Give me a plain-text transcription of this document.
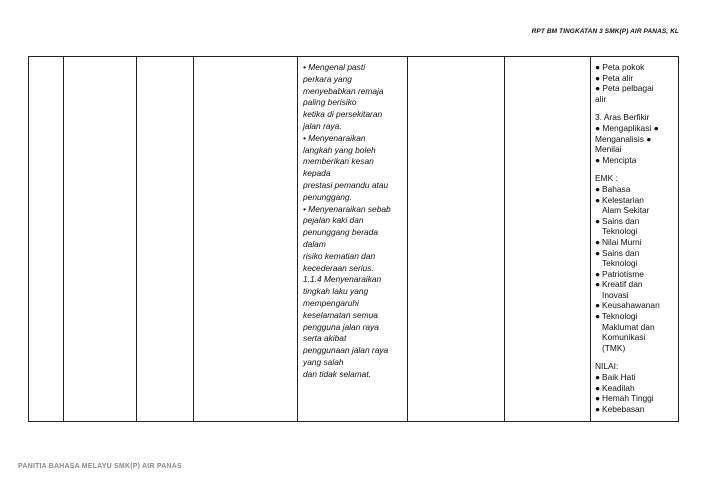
RPT BM TINGKATAN 3 SMK(P) AIR PANAS, KL

• Mengenal pasti
perkara yang
menyebabkan remaja
paling berisiko
ketika di persekitaran
jalan raya.
• Menyenaraikan
langkah yang boleh
memberikan kesan
kepada
prestasi pemandu atau
penunggang.
• Menyenaraikan sebab
pejalan kaki dan
penunggang berada
dalam
risiko kematian dan
kecederaan serius.
1.1.4 Menyenaraikan
tingkah laku yang
mempengaruhi
keselamatan semua
pengguna jalan raya
serta akibat
penggunaan jalan raya
yang salah
dan tidak selamat.

● Peta pokok
● Peta alir
● Peta pelbagai
alir
3. Aras Berfikir
● Mengaplikasi ●
Menganalisis ●
Menilai
● Mencipta
EMK :
● Bahasa
● Kelestarian
Alam Sekitar
● Sains dan
Teknologi
● Nilai Murni
● Sains dan
Teknologi
● Patriotisme
● Kreatif dan
Inovasi
● Keusahawanan
● Teknologi
Maklumat dan
Komunikasi
(TMK)
NILAI:
● Baik Hati
● Keadilah
● Hemah Tinggi
● Kebebasan
PANITIA BAHASA MELAYU SMK(P) AIR PANAS
